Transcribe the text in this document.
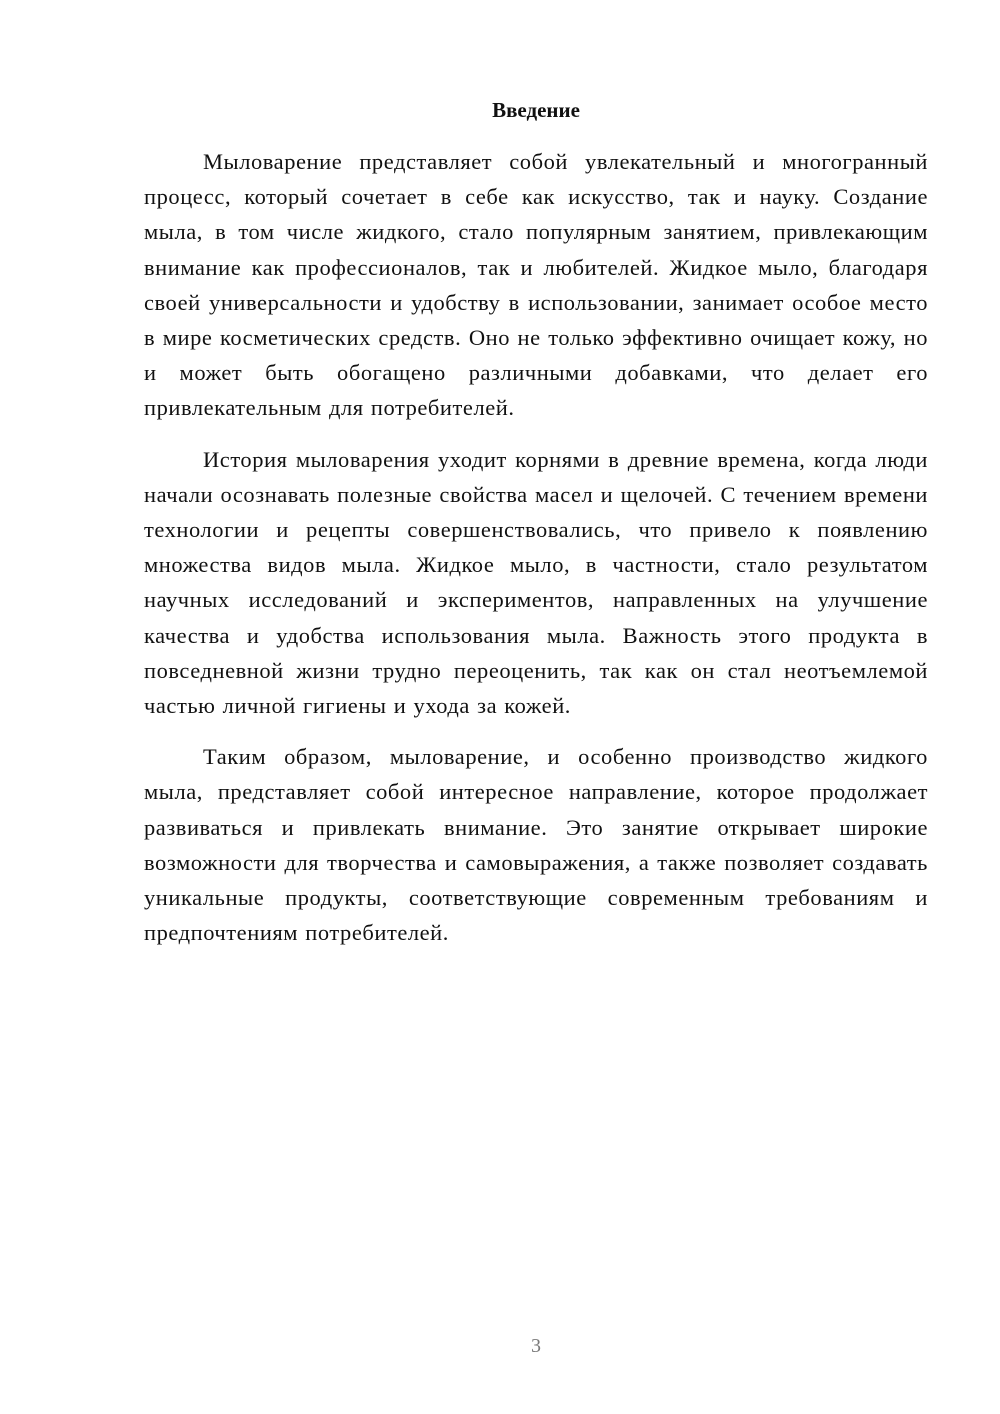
Введение

Мыловарение представляет собой увлекательный и многогранный процесс, который сочетает в себе как искусство, так и науку. Создание мыла, в том числе жидкого, стало популярным занятием, привлекающим внимание как профессионалов, так и любителей. Жидкое мыло, благодаря своей универсальности и удобству в использовании, занимает особое место в мире косметических средств. Оно не только эффективно очищает кожу, но и может быть обогащено различными добавками, что делает его привлекательным для потребителей.

История мыловарения уходит корнями в древние времена, когда люди начали осознавать полезные свойства масел и щелочей. С течением времени технологии и рецепты совершенствовались, что привело к появлению множества видов мыла. Жидкое мыло, в частности, стало результатом научных исследований и экспериментов, направленных на улучшение качества и удобства использования мыла. Важность этого продукта в повседневной жизни трудно переоценить, так как он стал неотъемлемой частью личной гигиены и ухода за кожей.

Таким образом, мыловарение, и особенно производство жидкого мыла, представляет собой интересное направление, которое продолжает развиваться и привлекать внимание. Это занятие открывает широкие возможности для творчества и самовыражения, а также позволяет создавать уникальные продукты, соответствующие современным требованиям и предпочтениям потребителей.

3
